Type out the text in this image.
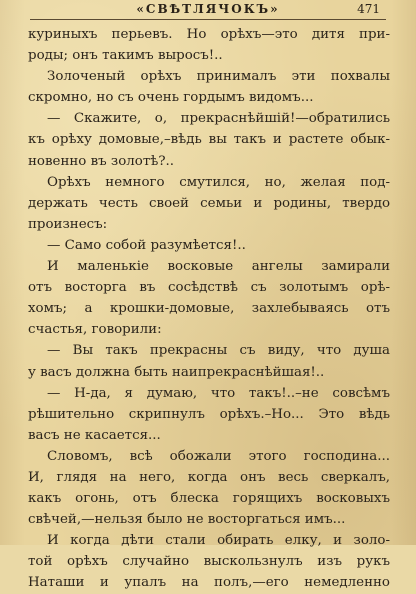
«СВѢТЛЯЧОКЪ»	471
куриныхъ перьевъ. Но орѣхъ—это дитя при-
роды; онъ такимъ выросъ!..
Золоченый орѣхъ принималъ эти похвалы
скромно, но съ очень гордымъ видомъ...
— Скажите, о, прекраснѣйшiй!—обратились
къ орѣху домовые,–вѣдь вы такъ и растете обык-
новенно въ золотѣ?..
Орѣхъ немного смутился, но, желая под-
держать честь своей семьи и родины, твердо
произнесъ:
— Само собой разумѣется!..
И маленькiе восковые ангелы замирали
отъ восторга въ сосѣдствѣ съ золотымъ орѣ-
хомъ; а крошки-домовые, захлебываясь отъ
счастья, говорили:
— Вы такъ прекрасны съ виду, что душа
у васъ должна быть наипрекраснѣйшая!..
— Н-да, я думаю, что такъ!..–не совсѣмъ
рѣшительно скрипнулъ орѣхъ.–Но... Это вѣдь
васъ не касается...
Словомъ, всѣ обожали этого господина...
И, глядя на него, когда онъ весь сверкалъ,
какъ огонь, отъ блеска горящихъ восковыхъ
свѣчей,—нельзя было не восторгаться имъ...
И когда дѣти стали обирать елку, и золо-
той орѣхъ случайно выскользнулъ изъ рукъ
Наташи и упалъ на полъ,—его немедленно
